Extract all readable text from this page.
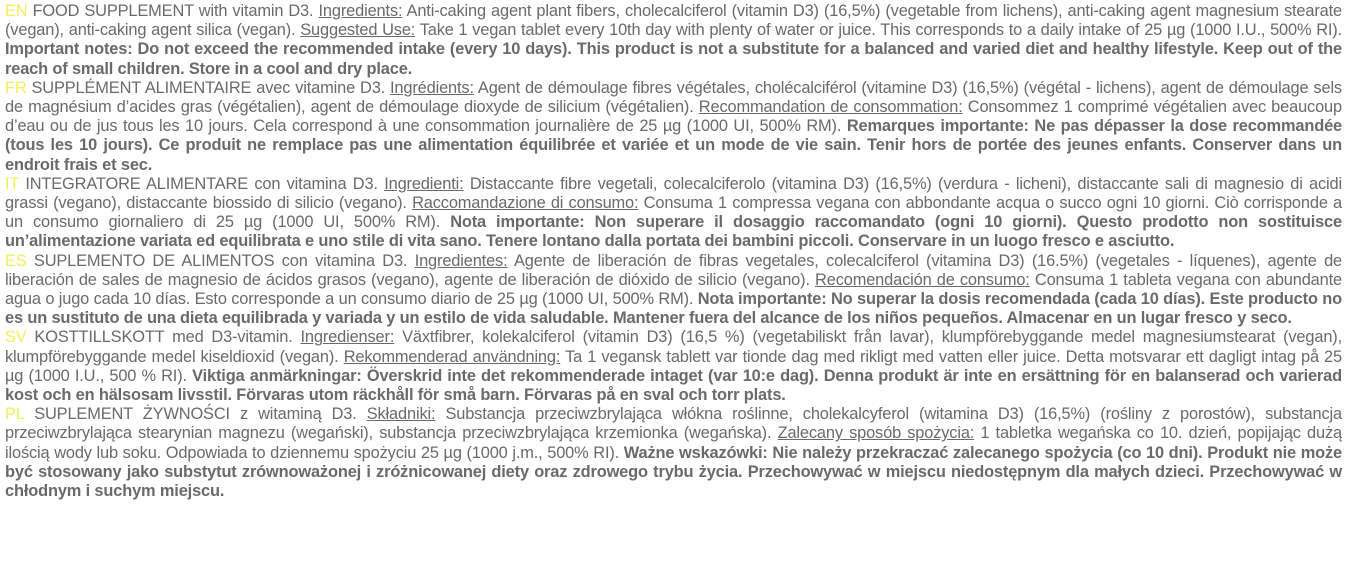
EN FOOD SUPPLEMENT with vitamin D3. Ingredients: Anti-caking agent plant fibers, cholecalciferol (vitamin D3) (16,5%) (vegetable from lichens), anti-caking agent magnesium stearate (vegan), anti-caking agent silica (vegan). Suggested Use: Take 1 vegan tablet every 10th day with plenty of water or juice. This corresponds to a daily intake of 25 µg (1000 I.U., 500% RI). Important notes: Do not exceed the recommended intake (every 10 days). This product is not a substitute for a balanced and varied diet and healthy lifestyle. Keep out of the reach of small children. Store in a cool and dry place.
FR SUPPLÉMENT ALIMENTAIRE avec vitamine D3. Ingrédients: Agent de démoulage fibres végétales, cholécalciférol (vitamine D3) (16,5%) (végétal - lichens), agent de démoulage sels de magnésium d’acides gras (végétalien), agent de démoulage dioxyde de silicium (végétalien). Recommandation de consommation: Consommez 1 comprimé végétalien avec beaucoup d’eau ou de jus tous les 10 jours. Cela correspond à une consommation journalière de 25 µg (1000 UI, 500% RM). Remarques importante: Ne pas dépasser la dose recommandée (tous les 10 jours). Ce produit ne remplace pas une alimentation équilibrée et variée et un mode de vie sain. Tenir hors de portée des jeunes enfants. Conserver dans un endroit frais et sec.
IT INTEGRATORE ALIMENTARE con vitamina D3. Ingredienti: Distaccante fibre vegetali, colecalciferolo (vitamina D3) (16,5%) (verdura - licheni), distaccante sali di magnesio di acidi grassi (vegano), distaccante biossido di silicio (vegano). Raccomandazione di consumo: Consuma 1 compressa vegana con abbondante acqua o succo ogni 10 giorni. Ciò corrisponde a un consumo giornaliero di 25 µg (1000 UI, 500% RM). Nota importante: Non superare il dosaggio raccomandato (ogni 10 giorni). Questo prodotto non sostituisce un’alimentazione variata ed equilibrata e uno stile di vita sano. Tenere lontano dalla portata dei bambini piccoli. Conservare in un luogo fresco e asciutto.
ES SUPLEMENTO DE ALIMENTOS con vitamina D3. Ingredientes: Agente de liberación de fibras vegetales, colecalciferol (vitamina D3) (16.5%) (vegetales - líquenes), agente de liberación de sales de magnesio de ácidos grasos (vegano), agente de liberación de dióxido de silicio (vegano). Recomendación de consumo: Consuma 1 tableta vegana con abundante agua o jugo cada 10 días. Esto corresponde a un consumo diario de 25 µg (1000 UI, 500% RM). Nota importante: No superar la dosis recomendada (cada 10 días). Este producto no es un sustituto de una dieta equilibrada y variada y un estilo de vida saludable. Mantener fuera del alcance de los niños pequeños. Almacenar en un lugar fresco y seco.
SV KOSTTILLSKOTT med D3-vitamin. Ingredienser: Växtfibrer, kolekalciferol (vitamin D3) (16,5 %) (vegetabiliskt från lavar), klumpförebyggande medel magnesiumstearat (vegan), klumpförebyggande medel kiseldioxid (vegan). Rekommenderad användning: Ta 1 vegansk tablett var tionde dag med rikligt med vatten eller juice. Detta motsvarar ett dagligt intag på 25 µg (1000 I.U., 500 % RI). Viktiga anmärkningar: Överskrid inte det rekommenderade intaget (var 10:e dag). Denna produkt är inte en ersättning för en balanserad och varierad kost och en hälsosam livsstil. Förvaras utom räckhåll för små barn. Förvaras på en sval och torr plats.
PL SUPLEMENT ŻYWNOŚCI z witaminą D3. Składniki: Substancja przeciwzbrylająca włókna roślinne, cholekalcyferol (witamina D3) (16,5%) (rośliny z porostów), substancja przeciwzbrylająca stearynian magnezu (wegański), substancja przeciwzbrylająca krzemionka (wegańska). Zalecany sposób spożycia: 1 tabletka wegańska co 10. dzień, popijając dużą ilością wody lub soku. Odpowiada to dziennemu spożyciu 25 µg (1000 j.m., 500% RI). Ważne wskazówki: Nie należy przekraczać zalecanego spożycia (co 10 dni). Produkt nie może być stosowany jako substytut zrównoważonej i zróżnicowanej diety oraz zdrowego trybu życia. Przechowywać w miejscu niedostępnym dla małych dzieci. Przechowywać w chłodnym i suchym miejscu.
